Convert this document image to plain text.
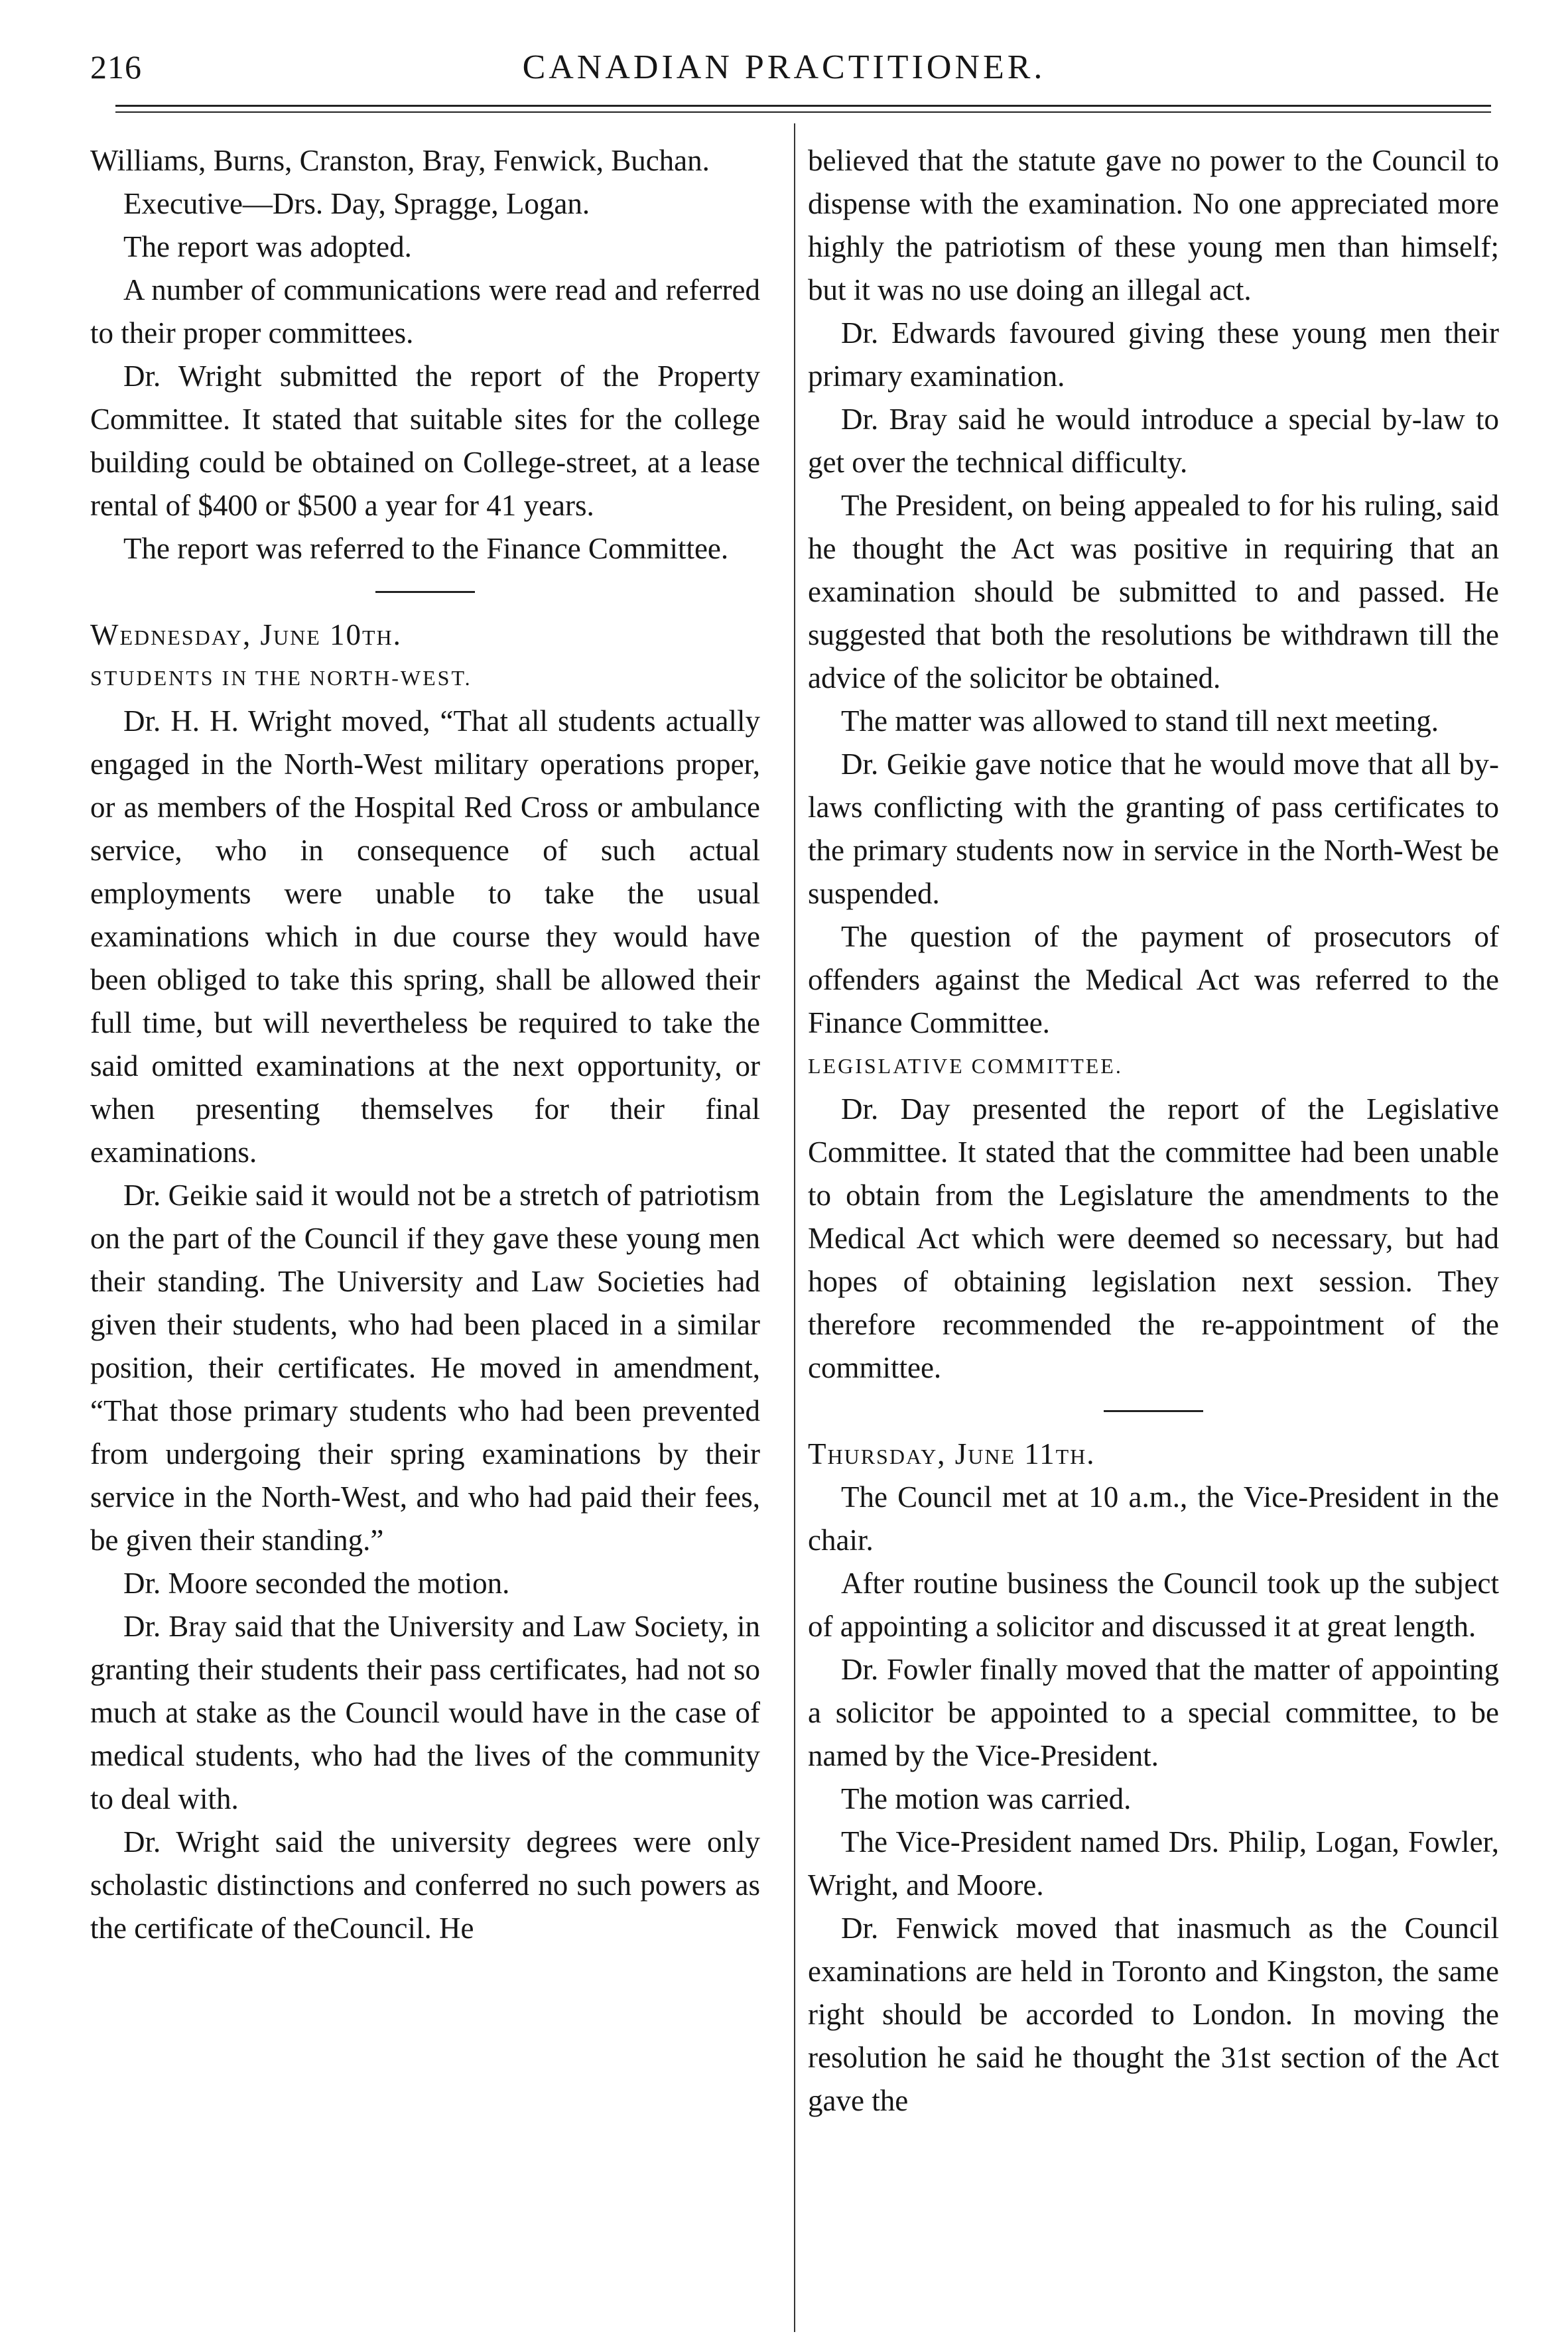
216	CANADIAN PRACTITIONER.

Williams, Burns, Cranston, Bray, Fenwick, Buchan.

Executive—Drs. Day, Spragge, Logan.

The report was adopted.

A number of communications were read and referred to their proper committees.

Dr. Wright submitted the report of the Property Committee. It stated that suitable sites for the college building could be obtained on College-street, at a lease rental of $400 or $500 a year for 41 years.

The report was referred to the Finance Committee.

Wednesday, June 10th.

STUDENTS IN THE NORTH-WEST.

Dr. H. H. Wright moved, “That all students actually engaged in the North-West military operations proper, or as members of the Hospital Red Cross or ambulance service, who in consequence of such actual employments were unable to take the usual examinations which in due course they would have been obliged to take this spring, shall be allowed their full time, but will nevertheless be required to take the said omitted examinations at the next opportunity, or when presenting themselves for their final examinations.

Dr. Geikie said it would not be a stretch of patriotism on the part of the Council if they gave these young men their standing. The University and Law Societies had given their students, who had been placed in a similar position, their certificates. He moved in amendment, “That those primary students who had been prevented from undergoing their spring examinations by their service in the North-West, and who had paid their fees, be given their standing.”

Dr. Moore seconded the motion.

Dr. Bray said that the University and Law Society, in granting their students their pass certificates, had not so much at stake as the Council would have in the case of medical students, who had the lives of the community to deal with.

Dr. Wright said the university degrees were only scholastic distinctions and conferred no such powers as the certificate of theCouncil. He

believed that the statute gave no power to the Council to dispense with the examination. No one appreciated more highly the patriotism of these young men than himself; but it was no use doing an illegal act.

Dr. Edwards favoured giving these young men their primary examination.

Dr. Bray said he would introduce a special by-law to get over the technical difficulty.

The President, on being appealed to for his ruling, said he thought the Act was positive in requiring that an examination should be submitted to and passed. He suggested that both the resolutions be withdrawn till the advice of the solicitor be obtained.

The matter was allowed to stand till next meeting.

Dr. Geikie gave notice that he would move that all by-laws conflicting with the granting of pass certificates to the primary students now in service in the North-West be suspended.

The question of the payment of prosecutors of offenders against the Medical Act was referred to the Finance Committee.

LEGISLATIVE COMMITTEE.

Dr. Day presented the report of the Legislative Committee. It stated that the committee had been unable to obtain from the Legislature the amendments to the Medical Act which were deemed so necessary, but had hopes of obtaining legislation next session. They therefore recommended the re-appointment of the committee.

Thursday, June 11th.

The Council met at 10 a.m., the Vice-President in the chair.

After routine business the Council took up the subject of appointing a solicitor and discussed it at great length.

Dr. Fowler finally moved that the matter of appointing a solicitor be appointed to a special committee, to be named by the Vice-President.

The motion was carried.

The Vice-President named Drs. Philip, Logan, Fowler, Wright, and Moore.

Dr. Fenwick moved that inasmuch as the Council examinations are held in Toronto and Kingston, the same right should be accorded to London. In moving the resolution he said he thought the 31st section of the Act gave the
